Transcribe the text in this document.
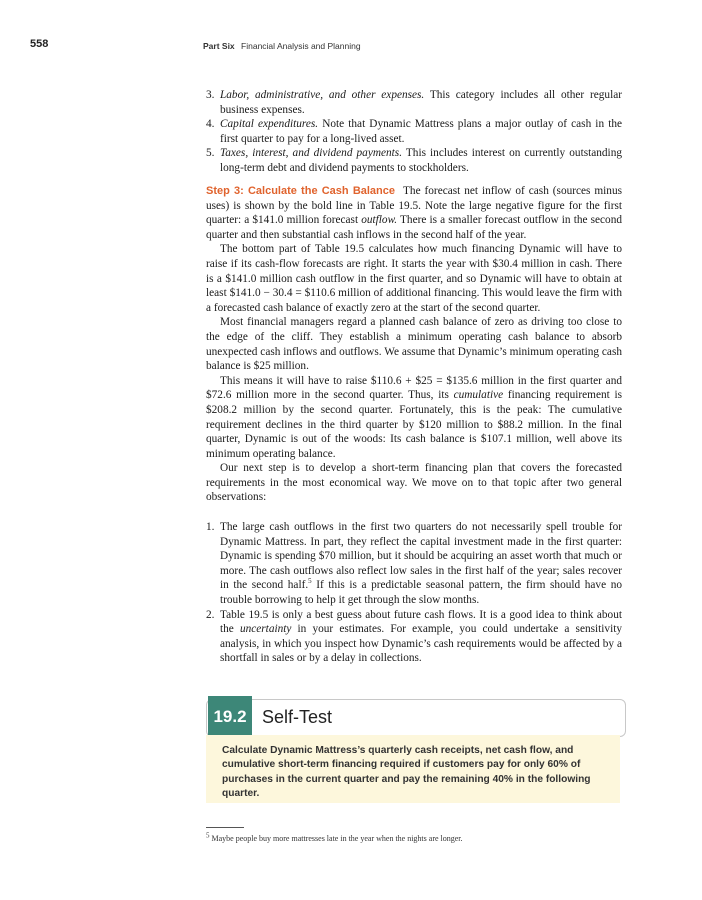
558	Part Six Financial Analysis and Planning
3. Labor, administrative, and other expenses. This category includes all other regular business expenses.
4. Capital expenditures. Note that Dynamic Mattress plans a major outlay of cash in the first quarter to pay for a long-lived asset.
5. Taxes, interest, and dividend payments. This includes interest on currently outstanding long-term debt and dividend payments to stockholders.

Step 3: Calculate the Cash Balance The forecast net inflow of cash (sources minus uses) is shown by the bold line in Table 19.5. Note the large negative figure for the first quarter: a $141.0 million forecast outflow. There is a smaller forecast outflow in the second quarter and then substantial cash inflows in the second half of the year.

The bottom part of Table 19.5 calculates how much financing Dynamic will have to raise if its cash-flow forecasts are right. It starts the year with $30.4 million in cash. There is a $141.0 million cash outflow in the first quarter, and so Dynamic will have to obtain at least $141.0 − 30.4 = $110.6 million of additional financing. This would leave the firm with a forecasted cash balance of exactly zero at the start of the second quarter.

Most financial managers regard a planned cash balance of zero as driving too close to the edge of the cliff. They establish a minimum operating cash balance to absorb unexpected cash inflows and outflows. We assume that Dynamic’s minimum operating cash balance is $25 million.

This means it will have to raise $110.6 + $25 = $135.6 million in the first quarter and $72.6 million more in the second quarter. Thus, its cumulative financing requirement is $208.2 million by the second quarter. Fortunately, this is the peak: The cumulative requirement declines in the third quarter by $120 million to $88.2 million. In the final quarter, Dynamic is out of the woods: Its cash balance is $107.1 million, well above its minimum operating balance.

Our next step is to develop a short-term financing plan that covers the forecasted requirements in the most economical way. We move on to that topic after two general observations:

1. The large cash outflows in the first two quarters do not necessarily spell trouble for Dynamic Mattress. In part, they reflect the capital investment made in the first quarter: Dynamic is spending $70 million, but it should be acquiring an asset worth that much or more. The cash outflows also reflect low sales in the first half of the year; sales recover in the second half.$^5$ If this is a predictable seasonal pattern, the firm should have no trouble borrowing to help it get through the slow months.
2. Table 19.5 is only a best guess about future cash flows. It is a good idea to think about the uncertainty in your estimates. For example, you could undertake a sensitivity analysis, in which you inspect how Dynamic’s cash requirements would be affected by a shortfall in sales or by a delay in collections.
19.2 Self-Test

Calculate Dynamic Mattress’s quarterly cash receipts, net cash flow, and cumulative short-term financing required if customers pay for only 60% of purchases in the current quarter and pay the remaining 40% in the following quarter.

$^5$ Maybe people buy more mattresses late in the year when the nights are longer.
